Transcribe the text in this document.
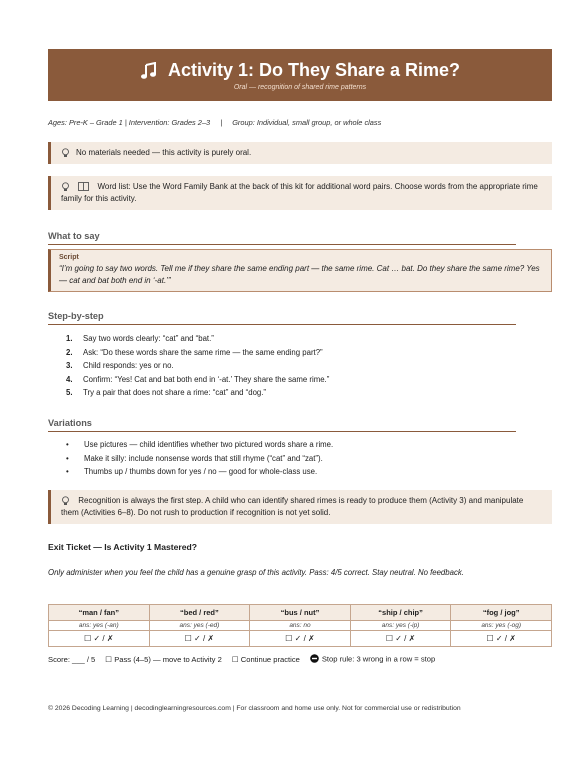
Activity 1: Do They Share a Rime?
Oral — recognition of shared rime patterns
Ages: Pre-K – Grade 1 | Intervention: Grades 2–3 | Group: Individual, small group, or whole class
No materials needed — this activity is purely oral.

Word list: Use the Word Family Bank at the back of this kit for additional word pairs. Choose words from the appropriate rime family for this activity.
What to say
Script
“I’m going to say two words. Tell me if they share the same ending part — the same rime. Cat … bat. Do they share the same rime? Yes — cat and bat both end in ‘-at.’”
Step-by-step
1.	Say two words clearly: “cat” and “bat.”
2.	Ask: “Do these words share the same rime — the same ending part?”
3.	Child responds: yes or no.
4.	Confirm: “Yes! Cat and bat both end in ‘-at.’ They share the same rime.”
5.	Try a pair that does not share a rime: “cat” and “dog.”
Variations
•	Use pictures — child identifies whether two pictured words share a rime.
•	Make it silly: include nonsense words that still rhyme (“cat” and “zat”).
•	Thumbs up / thumbs down for yes / no — good for whole-class use.
Recognition is always the first step. A child who can identify shared rimes is ready to produce them (Activity 3) and manipulate them (Activities 6–8). Do not rush to production if recognition is not yet solid.
Exit Ticket — Is Activity 1 Mastered?
Only administer when you feel the child has a genuine grasp of this activity. Pass: 4/5 correct. Stay neutral. No feedback.
“man / fan”	“bed / red”	“bus / nut”	“ship / chip”	“fog / jog”
ans: yes (-an)	ans: yes (-ed)	ans: no	ans: yes (-ip)	ans: yes (-og)
☐ ✓ / ✗	☐ ✓ / ✗	☐ ✓ / ✗	☐ ✓ / ✗	☐ ✓ / ✗
Score: ___ / 5 ☐ Pass (4–5) — move to Activity 2 ☐ Continue practice	Stop rule: 3 wrong in a row = stop
© 2026 Decoding Learning | decodinglearningresources.com | For classroom and home use only. Not for commercial use or redistribution
